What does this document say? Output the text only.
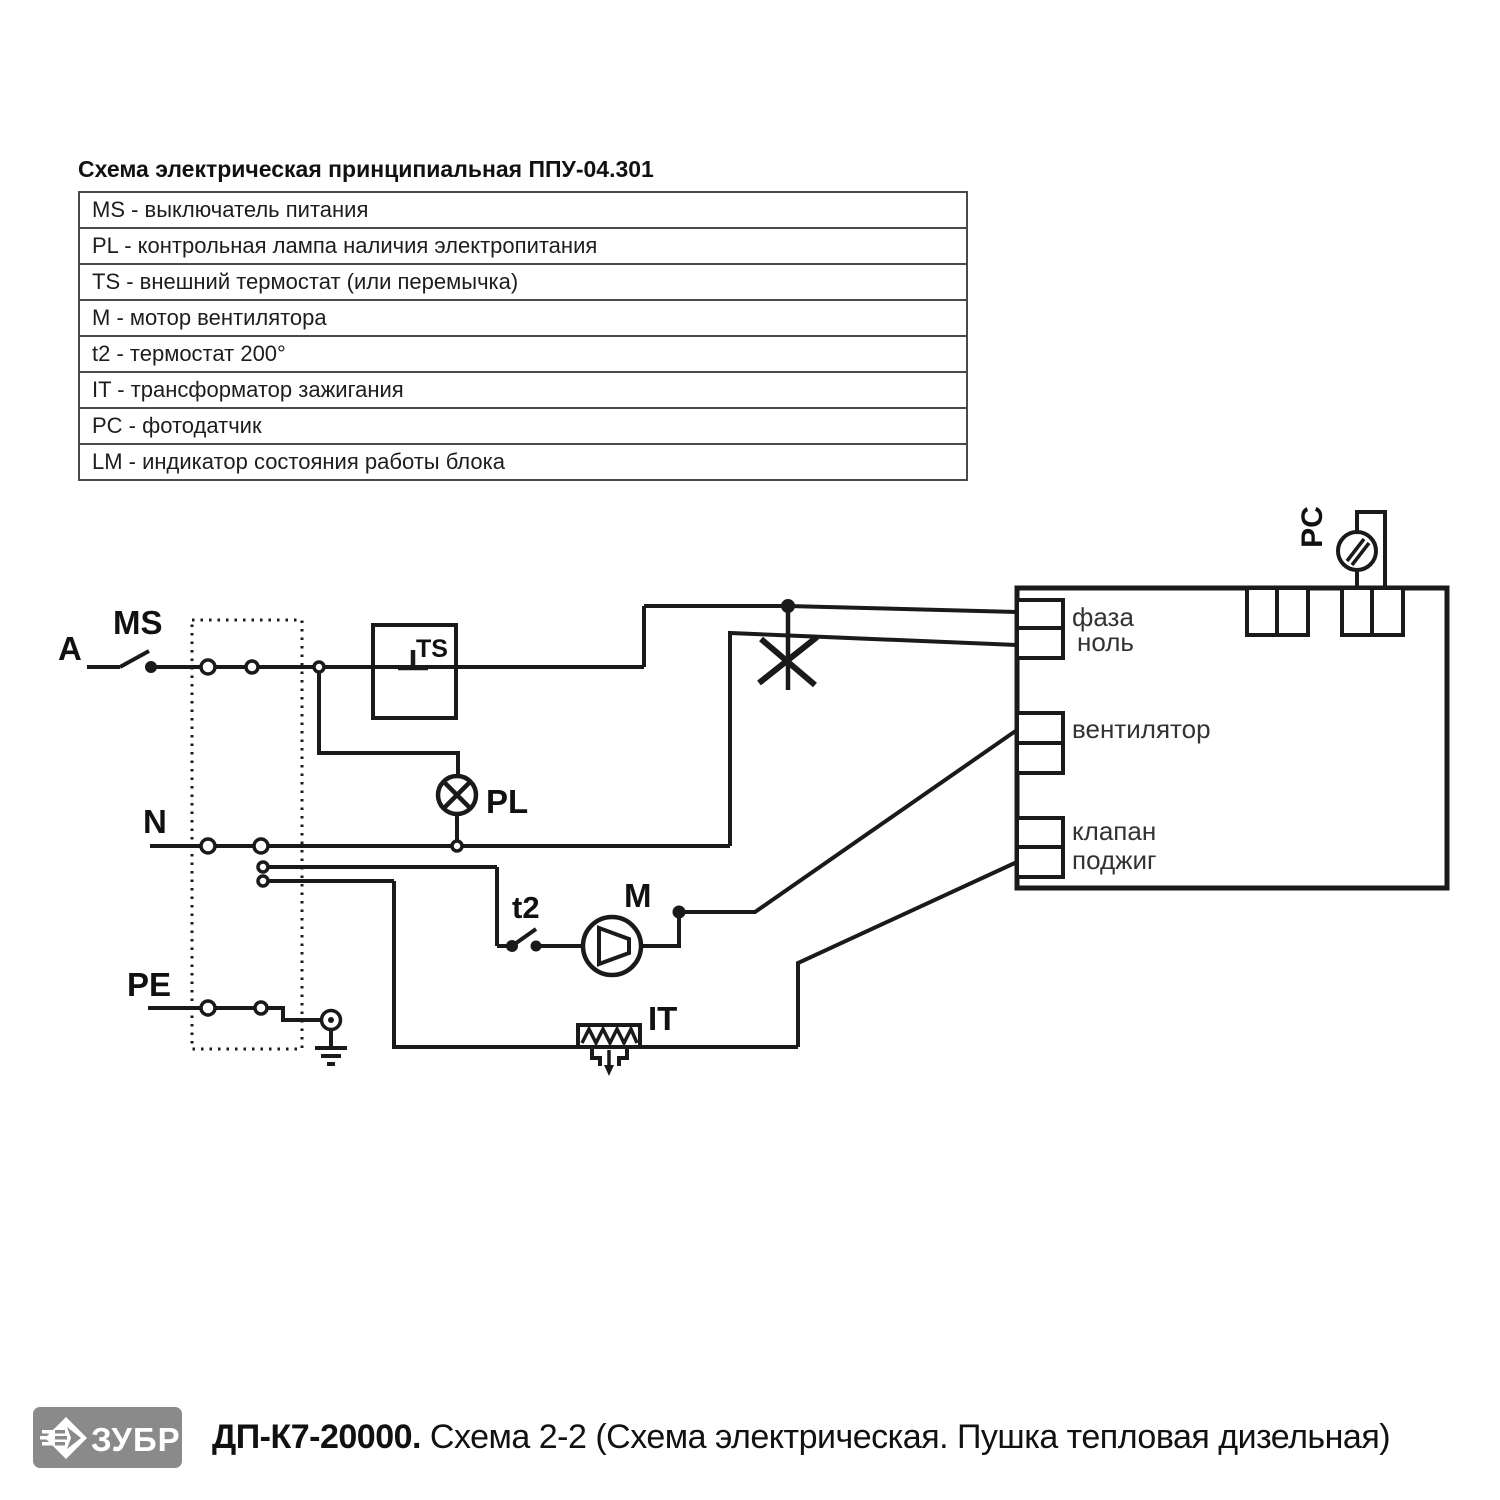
Схема электрическая принципиальная ППУ-04.301
MS - выключатель питания
PL - контрольная лампа наличия электропитания
TS - внешний термостат (или перемычка)
M - мотор вентилятора
t2 - термостат 200°
IT - трансформатор зажигания
PC - фотодатчик
LM - индикатор состояния работы блока
A
MS
N
PE
TS
PL
t2	M
IT
PC
фаза
ноль
вентилятор
клапан
поджиг
ЗУБР ДП-К7-20000. Схема 2-2 (Схема электрическая. Пушка тепловая дизельная)
